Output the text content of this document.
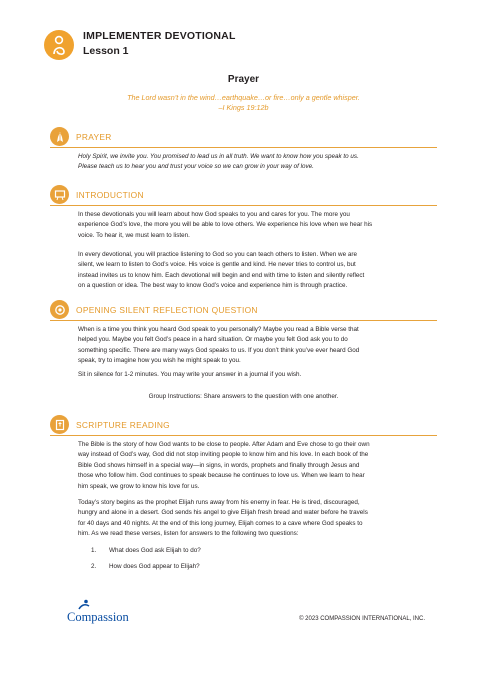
IMPLEMENTER DEVOTIONAL
Lesson 1
Prayer
The Lord wasn’t in the wind…earthquake…or fire…only a gentle whisper.
–I Kings 19:12b
PRAYER
Holy Spirit, we invite you. You promised to lead us in all truth. We want to know how you speak to us.
Please teach us to hear you and trust your voice so we can grow in your way of love.
INTRODUCTION
In these devotionals you will learn about how God speaks to you and cares for you. The more you
experience God’s love, the more you will be able to love others. We experience his love when we hear his
voice. To hear it, we must learn to listen.
In every devotional, you will practice listening to God so you can teach others to listen. When we are
silent, we learn to listen to God’s voice. His voice is gentle and kind. He never tries to control us, but
instead invites us to know him. Each devotional will begin and end with time to listen and silently reflect
on a question or idea. The best way to know God’s voice and experience him is through practice.
OPENING SILENT REFLECTION QUESTION
When is a time you think you heard God speak to you personally? Maybe you read a Bible verse that
helped you. Maybe you felt God’s peace in a hard situation. Or maybe you felt God ask you to do
something specific. There are many ways God speaks to us. If you don’t think you’ve ever heard God
speak, try to imagine how you wish he might speak to you.
Sit in silence for 1-2 minutes. You may write your answer in a journal if you wish.
Group Instructions: Share answers to the question with one another.
SCRIPTURE READING
The Bible is the story of how God wants to be close to people. After Adam and Eve chose to go their own
way instead of God’s way, God did not stop inviting people to know him and his love. In each book of the
Bible God shows himself in a special way—in signs, in words, prophets and finally through Jesus and
those who follow him. God continues to speak because he continues to love us. When we learn to hear
him speak, we grow to know his love for us.
Today’s story begins as the prophet Elijah runs away from his enemy in fear. He is tired, discouraged,
hungry and alone in a desert. God sends his angel to give Elijah fresh bread and water before he travels
for 40 days and 40 nights. At the end of this long journey, Elijah comes to a cave where God speaks to
him. As we read these verses, listen for answers to the following two questions:
1. What does God ask Elijah to do?
2. How does God appear to Elijah?
Compassion	© 2023 COMPASSION INTERNATIONAL, INC.
